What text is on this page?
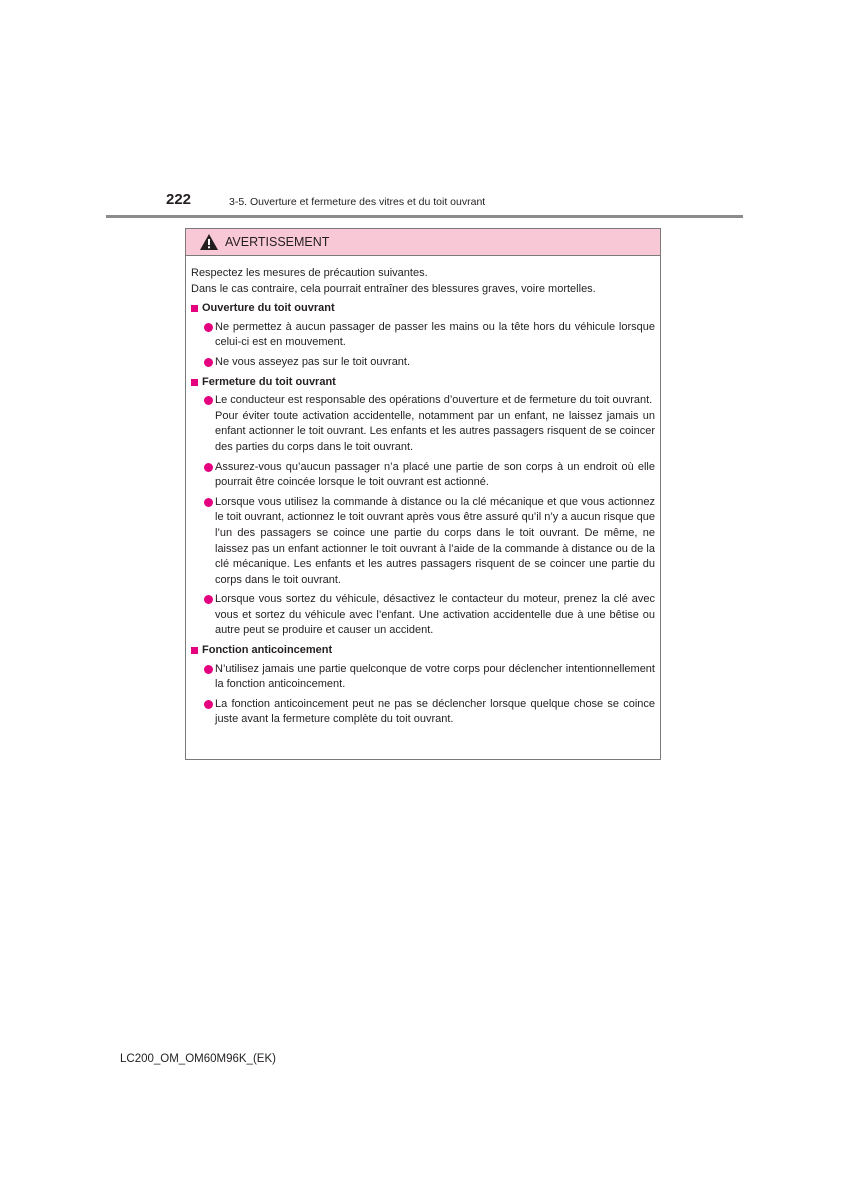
222	3-5. Ouverture et fermeture des vitres et du toit ouvrant
AVERTISSEMENT

Respectez les mesures de précaution suivantes.

Dans le cas contraire, cela pourrait entraîner des blessures graves, voire mortelles.

Ouverture du toit ouvrant
Ne permettez à aucun passager de passer les mains ou la tête hors du véhicule lorsque celui-ci est en mouvement.
Ne vous asseyez pas sur le toit ouvrant.
Fermeture du toit ouvrant
Le conducteur est responsable des opérations d’ouverture et de fermeture du toit ouvrant.
Pour éviter toute activation accidentelle, notamment par un enfant, ne laissez jamais un enfant actionner le toit ouvrant. Les enfants et les autres passagers risquent de se coincer des parties du corps dans le toit ouvrant.
Assurez-vous qu’aucun passager n’a placé une partie de son corps à un endroit où elle pourrait être coincée lorsque le toit ouvrant est actionné.
Lorsque vous utilisez la commande à distance ou la clé mécanique et que vous actionnez le toit ouvrant, actionnez le toit ouvrant après vous être assuré qu’il n’y a aucun risque que l’un des passagers se coince une partie du corps dans le toit ouvrant. De même, ne laissez pas un enfant actionner le toit ouvrant à l’aide de la commande à distance ou de la clé mécanique. Les enfants et les autres passagers risquent de se coincer une partie du corps dans le toit ouvrant.
Lorsque vous sortez du véhicule, désactivez le contacteur du moteur, prenez la clé avec vous et sortez du véhicule avec l’enfant. Une activation accidentelle due à une bêtise ou autre peut se produire et causer un accident.
Fonction anticoincement
N’utilisez jamais une partie quelconque de votre corps pour déclencher intentionnellement la fonction anticoincement.
La fonction anticoincement peut ne pas se déclencher lorsque quelque chose se coince juste avant la fermeture complète du toit ouvrant.
LC200_OM_OM60M96K_(EK)
